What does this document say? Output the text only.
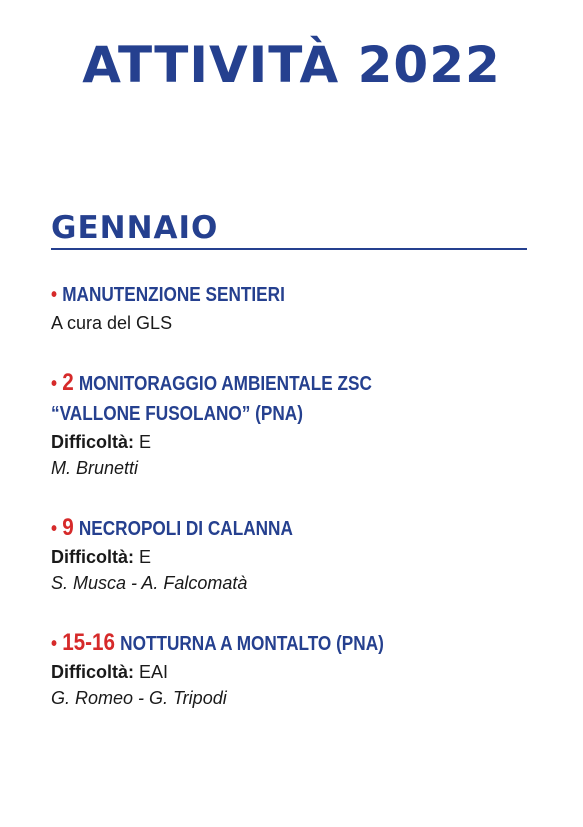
ATTIVITÀ 2022
GENNAIO

• MANUTENZIONE SENTIERI

A cura del GLS

• 2 MONITORAGGIO AMBIENTALE ZSC

“VALLONE FUSOLANO” (PNA)

Difficoltà: E

M. Brunetti

• 9 NECROPOLI DI CALANNA

Difficoltà: E

S. Musca - A. Falcomatà

• 15-16 NOTTURNA A MONTALTO (PNA)

Difficoltà: EAI

G. Romeo - G. Tripodi
